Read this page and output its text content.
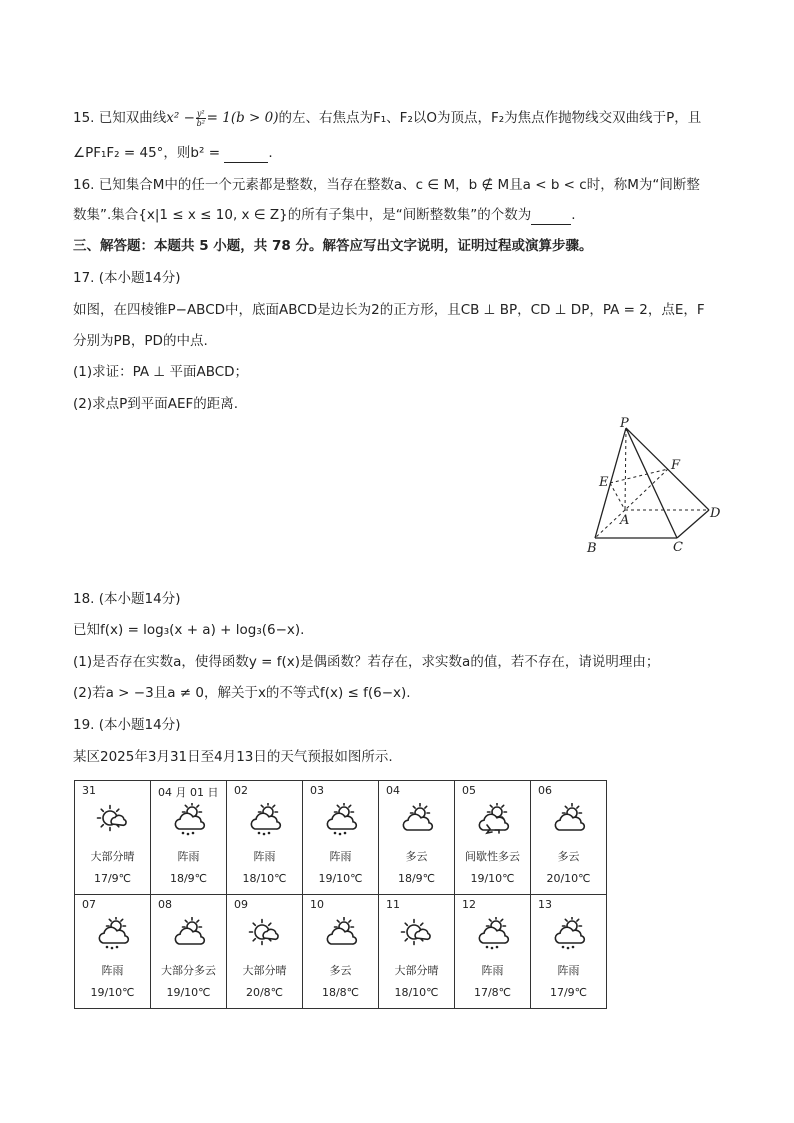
15. 已知双曲线$x^2 - \frac{\text{y²}}{\text{b²}} = 1(b > 0)$的左、右焦点为F₁、F₂以O为顶点，F₂为焦点作抛物线交双曲线于P，且
∠PF₁F₂ = 45°，则b² =	.
16. 已知集合M中的任一个元素都是整数，当存在整数a、c ∈ M，b ∉ M且a < b < c时，称M为“间断整
数集”.集合{x|1 ≤ x ≤ 10, x ∈ Z}的所有子集中，是“间断整数集”的个数为	.
三、解答题：本题共 5 小题，共 78 分。解答应写出文字说明，证明过程或演算步骤。
17. (本小题14分)
如图，在四棱锥P−ABCD中，底面ABCD是边长为2的正方形，且CB ⊥ BP，CD ⊥ DP，PA = 2，点E，F
分别为PB，PD的中点.
(1)求证：PA ⊥ 平面ABCD；
(2)求点P到平面AEF的距离.
P
E
F
A
B	C
D
18. (本小题14分)
已知f(x) = log₃(x + a) + log₃(6−x).
(1)是否存在实数a，使得函数y = f(x)是偶函数？若存在，求实数a的值，若不存在，请说明理由；
(2)若a > −3且a ≠ 0，解关于x的不等式f(x) ≤ f(6−x).
19. (本小题14分)
某区2025年3月31日至4月13日的天气预报如图所示.
31
大部分晴
17/9℃	04 月 01 日
阵雨
18/9℃	02
阵雨
18/10℃	03
阵雨
19/10℃	04
多云
18/9℃	05
间歇性多云
19/10℃	06
多云
20/10℃

07
阵雨
19/10℃	08
大部分多云
19/10℃	09
大部分晴
20/8℃	10
多云
18/8℃	11
大部分晴
18/10℃	12
阵雨
17/8℃	13
阵雨
17/9℃
